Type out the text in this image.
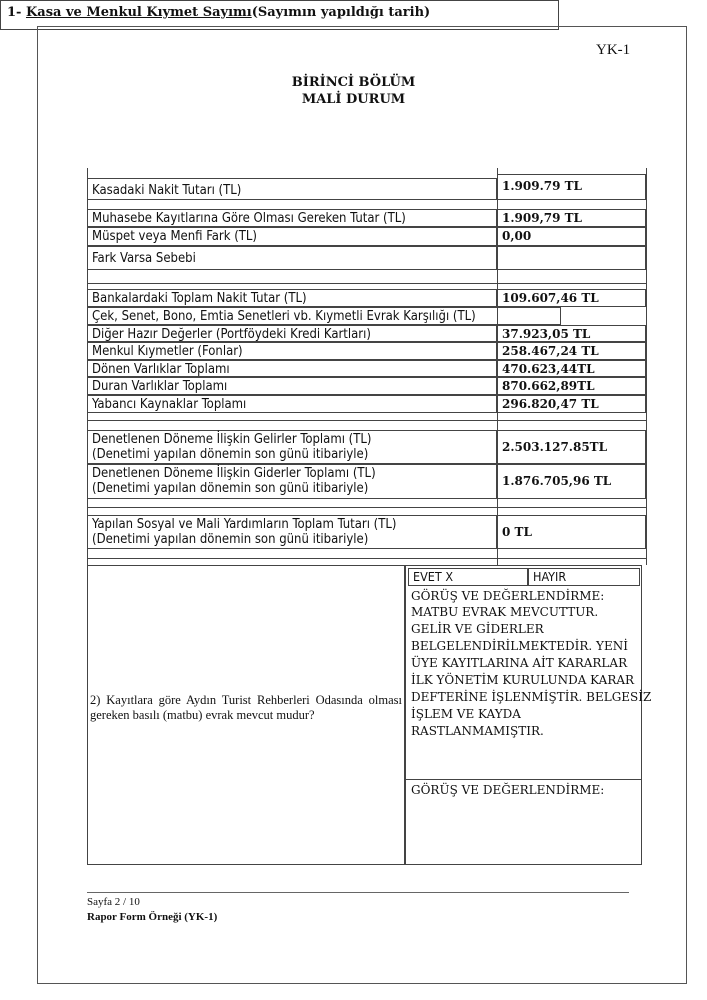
YK-1
BİRİNCİ BÖLÜM
MALİ DURUM
1- Kasa ve Menkul Kıymet Sayımı(Sayımın yapıldığı tarih)
Kasadaki Nakit Tutarı (TL)	1.909.79 TL
Muhasebe Kayıtlarına Göre Olması Gereken Tutar (TL)	1.909,79 TL
Müspet veya Menfi Fark (TL)	0,00
Fark Varsa Sebebi
Bankalardaki Toplam Nakit Tutar (TL)	109.607,46 TL
Çek, Senet, Bono, Emtia Senetleri vb. Kıymetli Evrak Karşılığı (TL)
Diğer Hazır Değerler (Portföydeki Kredi Kartları)	37.923,05 TL
Menkul Kıymetler (Fonlar)	258.467,24 TL
Dönen Varlıklar Toplamı	470.623,44TL
Duran Varlıklar Toplamı	870.662,89TL
Yabancı Kaynaklar Toplamı	296.820,47 TL
Denetlenen Döneme İlişkin Gelirler Toplamı (TL)
(Denetimi yapılan dönemin son günü itibariyle)	2.503.127.85TL
Denetlenen Döneme İlişkin Giderler Toplamı (TL)
(Denetimi yapılan dönemin son günü itibariyle)	1.876.705,96 TL
Yapılan Sosyal ve Mali Yardımların Toplam Tutarı (TL)
(Denetimi yapılan dönemin son günü itibariyle)	0 TL
2) Kayıtlara göre Aydın Turist Rehberleri Odasında olması gereken basılı (matbu) evrak mevcut mudur?
EVET X	HAYIR
GÖRÜŞ VE DEĞERLENDİRME:
MATBU EVRAK MEVCUTTUR.
GELİR VE GİDERLER
BELGELENDİRİLMEKTEDİR. YENİ
ÜYE KAYITLARINA AİT KARARLAR
İLK YÖNETİM KURULUNDA KARAR
DEFTERİNE İŞLENMİŞTİR. BELGESİZ
İŞLEM VE KAYDA
RASTLANMAMIŞTIR.
GÖRÜŞ VE DEĞERLENDİRME:
Sayfa 2 / 10
Rapor Form Örneği (YK-1)
